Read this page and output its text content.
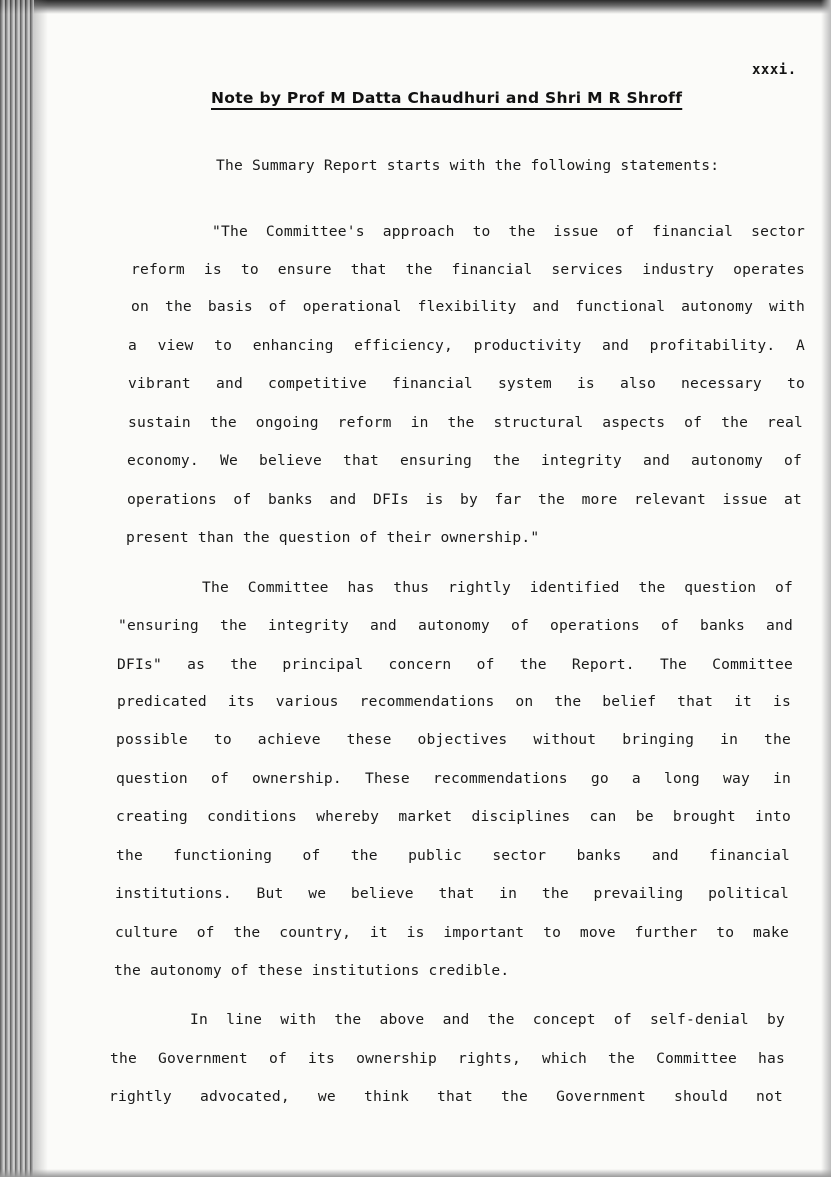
xxxi.
Note by Prof M Datta Chaudhuri and Shri M R Shroff
The Summary Report starts with the following statements:
"The Committee's approach to the issue of financial sector
reform is to ensure that the financial services industry operates
on the basis of operational flexibility and functional autonomy with
a view to enhancing efficiency, productivity and profitability. A
vibrant and competitive financial system is also necessary to
sustain the ongoing reform in the structural aspects of the real
economy. We believe that ensuring the integrity and autonomy of
operations of banks and DFIs is by far the more relevant issue at
present than the question of their ownership."
The Committee has thus rightly identified the question of
"ensuring the integrity and autonomy of operations of banks and
DFIs" as the principal concern of the Report. The Committee
predicated its various recommendations on the belief that it is
possible to achieve these objectives without bringing in the
question of ownership. These recommendations go a long way in
creating conditions whereby market disciplines can be brought into
the functioning of the public sector banks and financial
institutions. But we believe that in the prevailing political
culture of the country, it is important to move further to make
the autonomy of these institutions credible.
In line with the above and the concept of self-denial by
the Government of its ownership rights, which the Committee has
rightly advocated, we think that the Government should not
